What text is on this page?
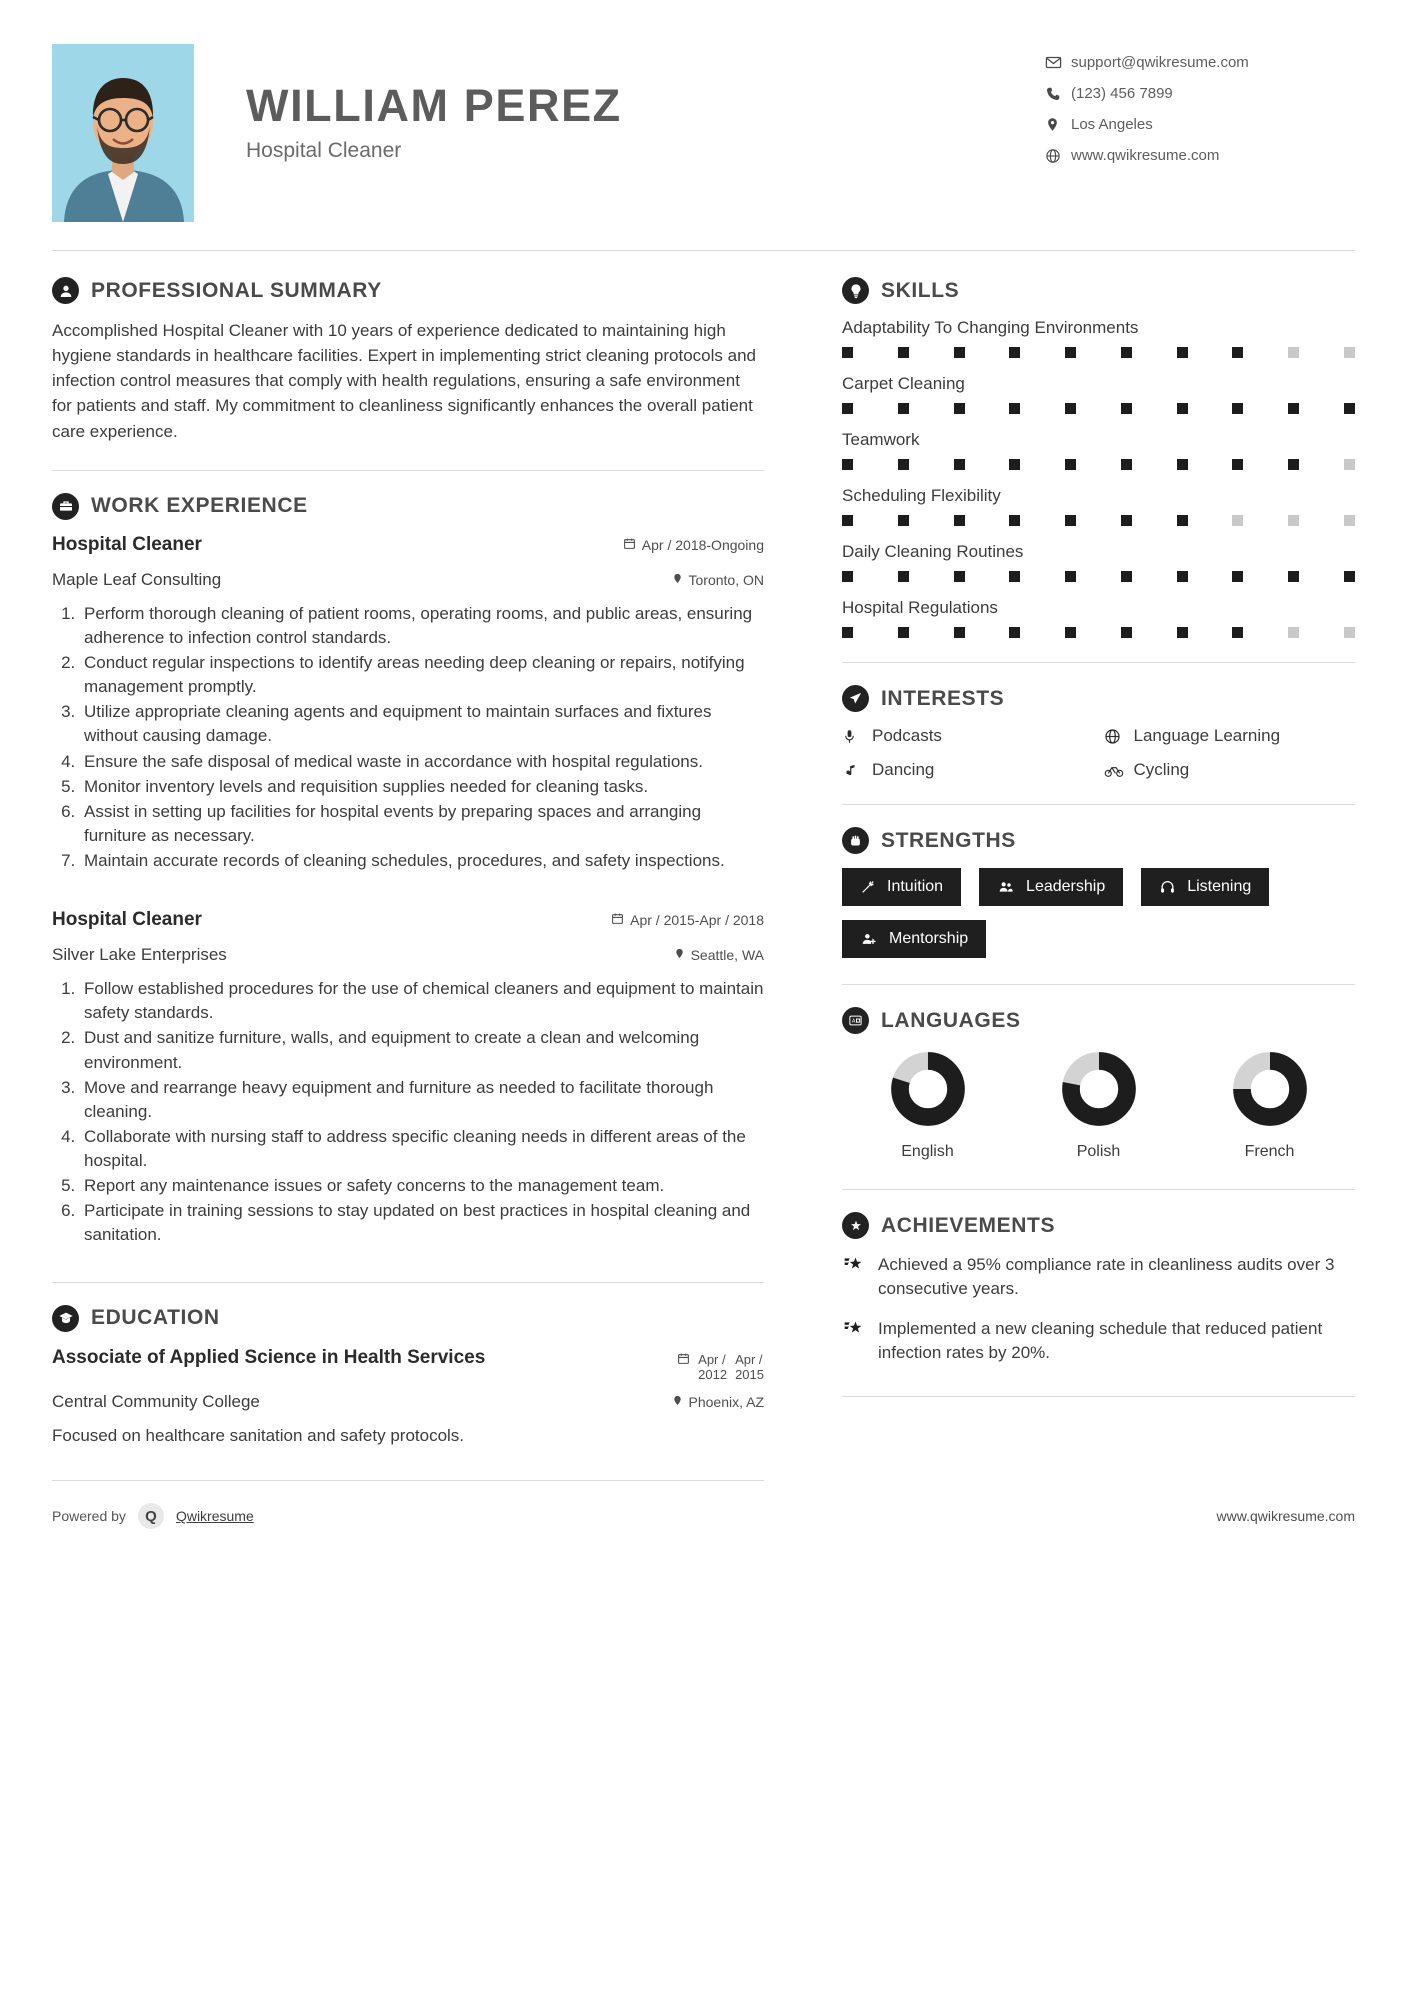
WILLIAM PEREZ
Hospital Cleaner
support@qwikresume.com
(123) 456 7899
Los Angeles
www.qwikresume.com
PROFESSIONAL SUMMARY

Accomplished Hospital Cleaner with 10 years of experience dedicated to maintaining high hygiene standards in healthcare facilities. Expert in implementing strict cleaning protocols and infection control measures that comply with health regulations, ensuring a safe environment for patients and staff. My commitment to cleanliness significantly enhances the overall patient care experience.

WORK EXPERIENCE
Hospital Cleaner	Apr / 2018-Ongoing
Maple Leaf Consulting	Toronto, ON
1. Perform thorough cleaning of patient rooms, operating rooms, and public areas, ensuring adherence to infection control standards.
2. Conduct regular inspections to identify areas needing deep cleaning or repairs, notifying management promptly.
3. Utilize appropriate cleaning agents and equipment to maintain surfaces and fixtures without causing damage.
4. Ensure the safe disposal of medical waste in accordance with hospital regulations.
5. Monitor inventory levels and requisition supplies needed for cleaning tasks.
6. Assist in setting up facilities for hospital events by preparing spaces and arranging furniture as necessary.
7. Maintain accurate records of cleaning schedules, procedures, and safety inspections.
Hospital Cleaner	Apr / 2015-Apr / 2018
Silver Lake Enterprises	Seattle, WA
1. Follow established procedures for the use of chemical cleaners and equipment to maintain safety standards.
2. Dust and sanitize furniture, walls, and equipment to create a clean and welcoming environment.
3. Move and rearrange heavy equipment and furniture as needed to facilitate thorough cleaning.
4. Collaborate with nursing staff to address specific cleaning needs in different areas of the hospital.
5. Report any maintenance issues or safety concerns to the management team.
6. Participate in training sessions to stay updated on best practices in hospital cleaning and sanitation.
EDUCATION
Associate of Applied Science in Health Services	Apr /
2012
Apr /
2015
Central Community College	Phoenix, AZ
Focused on healthcare sanitation and safety protocols.
SKILLS
Adaptability To Changing Environments
Carpet Cleaning
Teamwork
Scheduling Flexibility
Daily Cleaning Routines
Hospital Regulations
INTERESTS
Podcasts	Language Learning
Dancing	Cycling
STRENGTHS
Intuition	Leadership	Listening
Mentorship
A LANGUAGES
English	Polish	French
ACHIEVEMENTS
Achieved a 95% compliance rate in cleanliness audits over 3 consecutive years.
Implemented a new cleaning schedule that reduced patient infection rates by 20%.
Powered by	Q	Qwikresume	www.qwikresume.com
